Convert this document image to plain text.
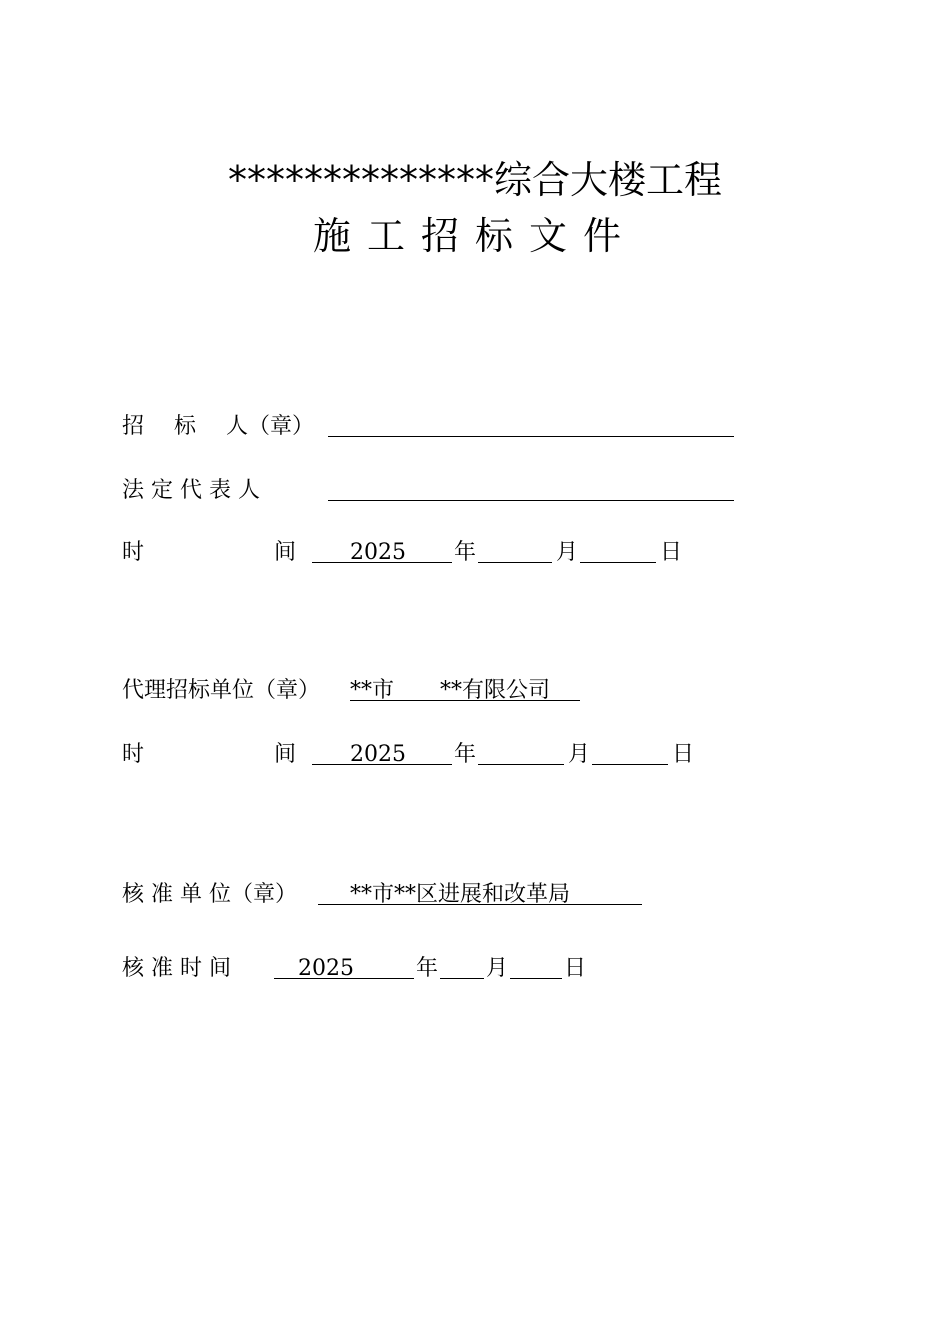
**************综合大楼工程
施工招标文件
招 标 人（章）
法 定 代 表 人
时	间 2025 年	月	日
代理招标单位（章） **市 **有限公司
时	间 2025 年	月	日
核 准 单 位（章） **市**区进展和改革局
核 准 时 间	2025	年 月	日
